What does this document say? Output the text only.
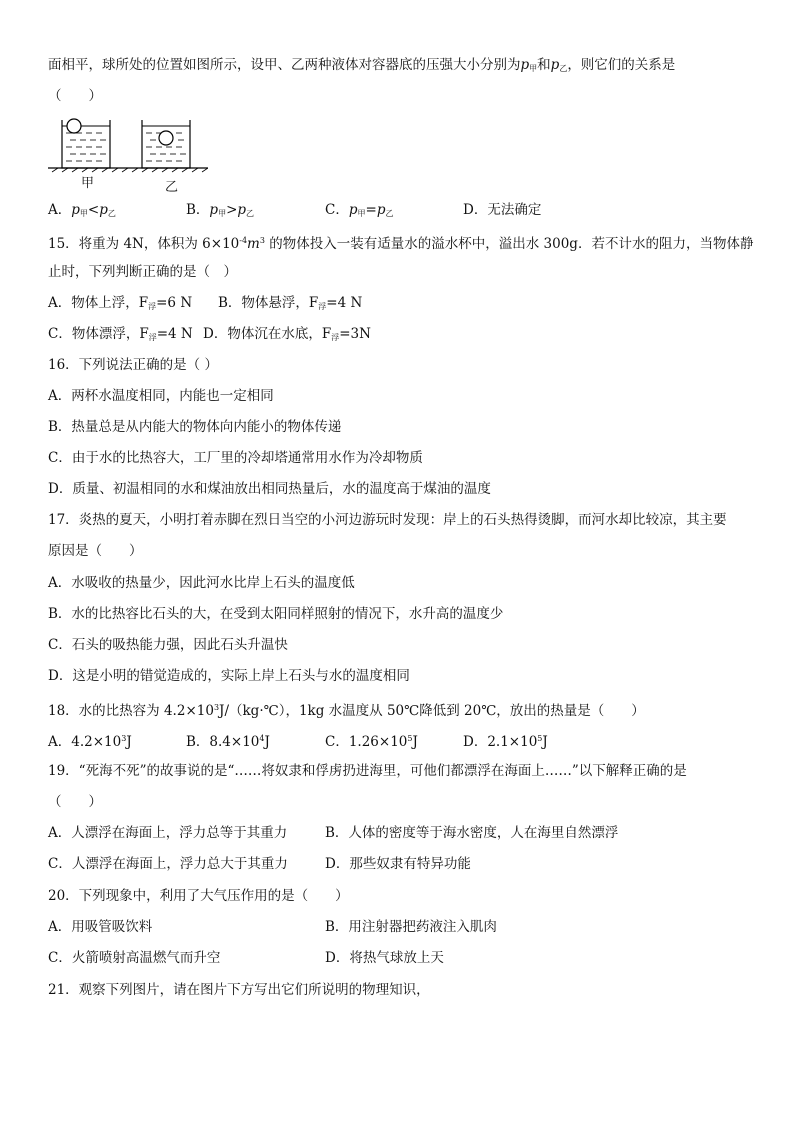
面相平，球所处的位置如图所示，设甲、乙两种液体对容器底的压强大小分别为$p_甲$和$p_乙$，则它们的关系是
（　　）
甲	乙
A．$p_甲<p_乙$	B．$p_甲>p_乙$	C．$p_甲=p_乙$	D．无法确定
15．将重为 4N，体积为 $6\times 10^{-4}m^3$ 的物体投入一装有适量水的溢水杯中，溢出水 300g．若不计水的阻力，当物体静
止时，下列判断正确的是（　）
A．物体上浮，$F_浮=6$ N B．物体悬浮，$F_浮=4$ N
C．物体漂浮，$F_浮=4$ N D．物体沉在水底，$F_浮=3N$
16．下列说法正确的是（ ）
A．两杯水温度相同，内能也一定相同
B．热量总是从内能大的物体向内能小的物体传递
C．由于水的比热容大，工厂里的冷却塔通常用水作为冷却物质
D．质量、初温相同的水和煤油放出相同热量后，水的温度高于煤油的温度
17．炎热的夏天，小明打着赤脚在烈日当空的小河边游玩时发现：岸上的石头热得烫脚，而河水却比较凉，其主要
原因是（　　）
A．水吸收的热量少，因此河水比岸上石头的温度低
B．水的比热容比石头的大，在受到太阳同样照射的情况下，水升高的温度少
C．石头的吸热能力强，因此石头升温快
D．这是小明的错觉造成的，实际上岸上石头与水的温度相同
18．水的比热容为 $4.2\times 10^3J/(kg\cdot℃)$，1kg 水温度从 50℃降低到 20℃，放出的热量是（　　）
A．$4.2\times 10^3J$	B．$8.4\times 10^4J$	C．$1.26\times 10^5J$	D．$2.1\times 10^5J$
19．“死海不死”的故事说的是“……将奴隶和俘虏扔进海里，可他们都漂浮在海面上……”以下解释正确的是
（　　）
A．人漂浮在海面上，浮力总等于其重力	B．人体的密度等于海水密度，人在海里自然漂浮
C．人漂浮在海面上，浮力总大于其重力	D．那些奴隶有特异功能
20．下列现象中，利用了大气压作用的是（　　）
A．用吸管吸饮料	B．用注射器把药液注入肌肉
C．火箭喷射高温燃气而升空	D．将热气球放上天
21．观察下列图片，请在图片下方写出它们所说明的物理知识，
